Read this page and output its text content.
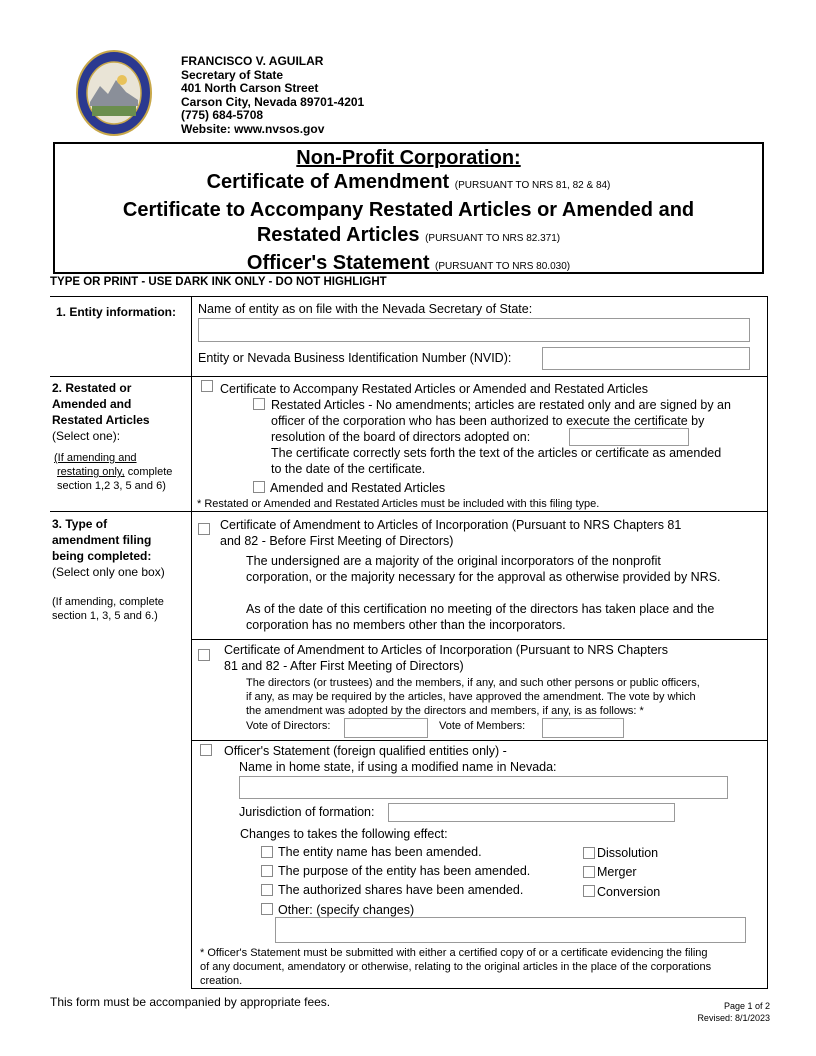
FRANCISCO V. AGUILAR
Secretary of State
401 North Carson Street
Carson City, Nevada 89701-4201
(775) 684-5708
Website: www.nvsos.gov
Non-Profit Corporation:
Certificate of Amendment (PURSUANT TO NRS 81, 82 & 84)
Certificate to Accompany Restated Articles or Amended and
Restated Articles (PURSUANT TO NRS 82.371)
Officer's Statement (PURSUANT TO NRS 80.030)
TYPE OR PRINT - USE DARK INK ONLY - DO NOT HIGHLIGHT
1. Entity information: Name of entity as on file with the Nevada Secretary of State:
Entity or Nevada Business Identification Number (NVID):
2. Restated or
Amended and
Restated Articles
(Select one):
(If amending and
restating only, complete
section 1,2 3, 5 and 6)
Certificate to Accompany Restated Articles or Amended and Restated Articles
Restated Articles - No amendments; articles are restated only and are signed by an
officer of the corporation who has been authorized to execute the certificate by
resolution of the board of directors adopted on:
The certificate correctly sets forth the text of the articles or certificate as amended
to the date of the certificate.
Amended and Restated Articles
* Restated or Amended and Restated Articles must be included with this filing type.
3. Type of
amendment filing
being completed:
(Select only one box)
(If amending, complete
section 1, 3, 5 and 6.)
Certificate of Amendment to Articles of Incorporation (Pursuant to NRS Chapters 81
and 82 - Before First Meeting of Directors)
The undersigned are a majority of the original incorporators of the nonprofit
corporation, or the majority necessary for the approval as otherwise provided by NRS.
As of the date of this certification no meeting of the directors has taken place and the
corporation has no members other than the incorporators.
Certificate of Amendment to Articles of Incorporation (Pursuant to NRS Chapters
81 and 82 - After First Meeting of Directors)
The directors (or trustees) and the members, if any, and such other persons or public officers,
if any, as may be required by the articles, have approved the amendment. The vote by which
the amendment was adopted by the directors and members, if any, is as follows: *
Vote of Directors:	Vote of Members:
Officer's Statement (foreign qualified entities only) -
Name in home state, if using a modified name in Nevada:
Jurisdiction of formation:
Changes to takes the following effect:
The entity name has been amended.
The purpose of the entity has been amended.
The authorized shares have been amended.
Other: (specify changes)
Dissolution
Merger
Conversion
* Officer's Statement must be submitted with either a certified copy of or a certificate evidencing the filing
of any document, amendatory or otherwise, relating to the original articles in the place of the corporations
creation.
This form must be accompanied by appropriate fees.	Page 1 of 2
Revised: 8/1/2023
